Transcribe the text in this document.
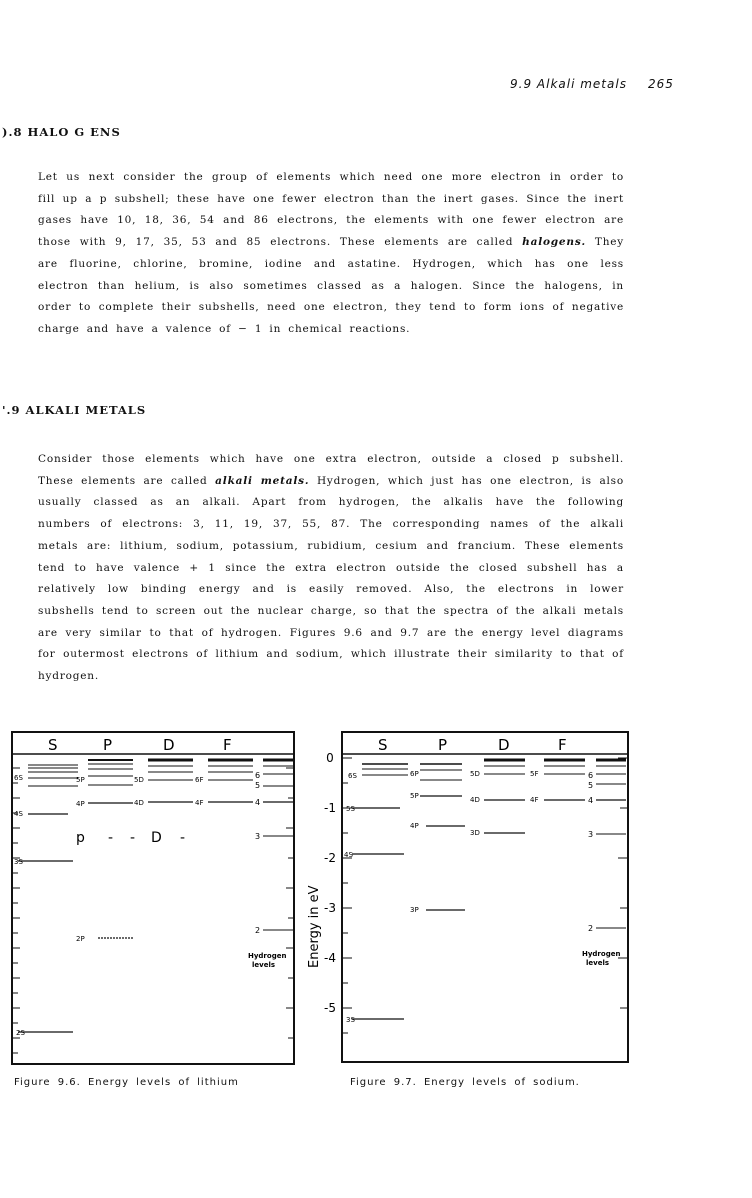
9.9 Alkali metals 265
).8 HALO G ENS

Let us next consider the group of elements which need one more electron in order to fill up a p subshell; these have one fewer electron than the inert gases. Since the inert gases have 10, 18, 36, 54 and 86 electrons, the elements with one fewer electron are those with 9, 17, 35, 53 and 85 electrons. These elements are called halogens. They are fluorine, chlorine, bromine, iodine and astatine. Hydrogen, which has one less electron than helium, is also sometimes classed as a halogen. Since the halogens, in order to complete their subshells, need one electron, they tend to form ions of negative charge and have a valence of − 1 in chemical reactions.

'.9 ALKALI METALS

Consider those elements which have one extra electron, outside a closed p subshell. These elements are called alkali metals. Hydrogen, which just has one electron, is also usually classed as an alkali. Apart from hydrogen, the alkalis have the following numbers of electrons: 3, 11, 19, 37, 55, 87. The corresponding names of the alkali metals are: lithium, sodium, potassium, rubidium, cesium and francium. These elements tend to have valence + 1 since the extra electron outside the closed subshell has a relatively low binding energy and is easily removed. Also, the electrons in lower subshells tend to screen out the nuclear charge, so that the spectra of the alkali metals are very similar to that of hydrogen. Figures 9.6 and 9.7 are the energy level diagrams for outermost electrons of lithium and sodium, which illustrate their similarity to that of hydrogen.

S	P	D	F
4S
6S
3S
2S
2P
4P
5P	5D
4D
6F
4F
p - - D -
6
5
4
3
2
Hydrogen
levels
0
-1
-2
-3
-4
-5
Energy in eV
S	P	D	F
6S
5S
4S
3S
6P
5P
4P
3P
5D
4D
3D
5F
4F
6
5
4
3
2
Hydrogen
levels
Figure 9.6. Energy levels of lithium	Figure 9.7. Energy levels of sodium.
